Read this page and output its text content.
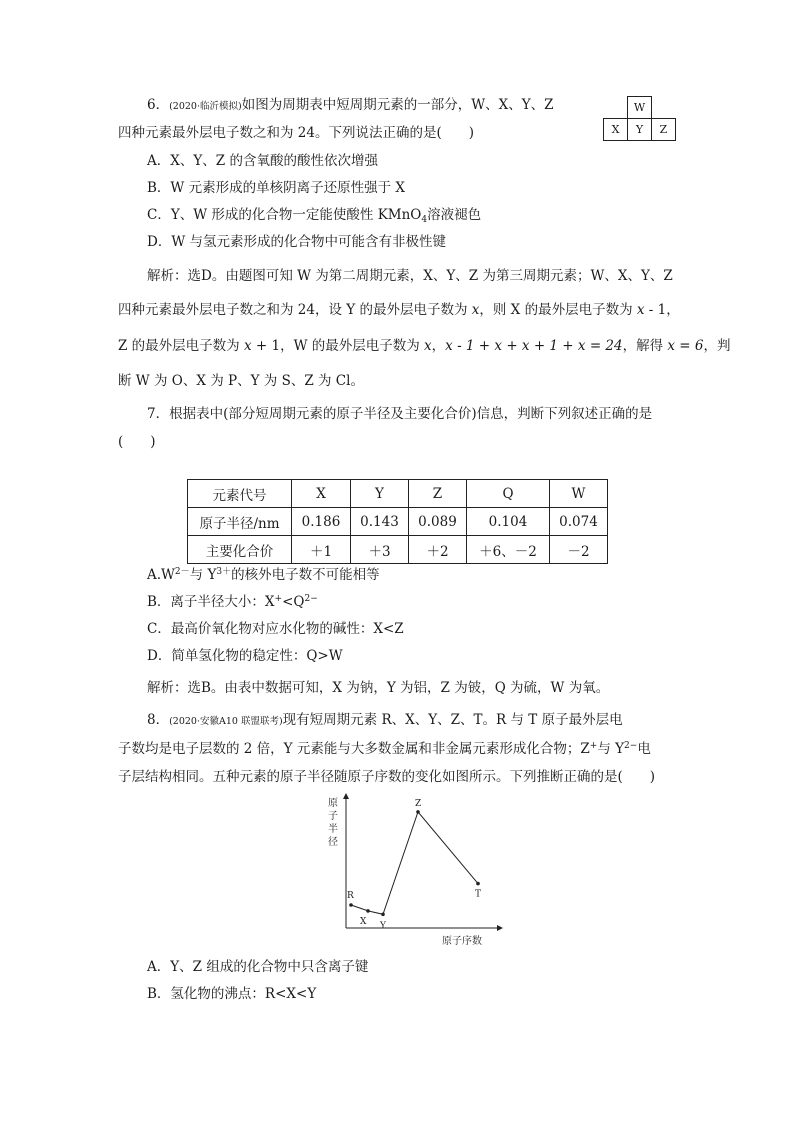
6．(2020·临沂模拟)如图为周期表中短周期元素的一部分，W、X、Y、Z
四种元素最外层电子数之和为 24。下列说法正确的是(　　)
	W	
X	Y	Z
A．X、Y、Z 的含氧酸的酸性依次增强
B．W 元素形成的单核阴离子还原性强于 X
C．Y、W 形成的化合物一定能使酸性 KMnO$_4$溶液褪色
D．W 与氢元素形成的化合物中可能含有非极性键
解析：选D。由题图可知 W 为第二周期元素，X、Y、Z 为第三周期元素；W、X、Y、Z
四种元素最外层电子数之和为 24，设 Y 的最外层电子数为 x，则 X 的最外层电子数为 x - 1，
Z 的最外层电子数为 x + 1，W 的最外层电子数为 x，x - 1 + x + x + 1 + x = 24，解得 x = 6，判
断 W 为 O、X 为 P、Y 为 S、Z 为 Cl。
7．根据表中(部分短周期元素的原子半径及主要化合价)信息，判断下列叙述正确的是
(　　)
元素代号	X	Y	Z	Q	W
原子半径/nm	0.186	0.143	0.089	0.104	0.074
主要化合价	＋1	＋3	＋2	＋6、－2	－2
$A.W^{2-}$与 $Y^{3+}$的核外电子数不可能相等
B．离子半径大小：$X^+<Q^{2-}$
C．最高价氧化物对应水化物的碱性：X<Z
D．简单氢化物的稳定性：Q>W
解析：选B。由表中数据可知，X 为钠，Y 为铝，Z 为铍，Q 为硫，W 为氧。
8．(2020·安徽A10 联盟联考)现有短周期元素 R、X、Y、Z、T。R 与 T 原子最外层电
子数均是电子层数的 2 倍，Y 元素能与大多数金属和非金属元素形成化合物；Z+与 $Y^{2-}$电
子层结构相同。五种元素的原子半径随原子序数的变化如图所示。下列推断正确的是(　　)
原
子
半
径
原子序数
R
X Y
Z
T
A．Y、Z 组成的化合物中只含离子键
B．氢化物的沸点：R<X<Y
